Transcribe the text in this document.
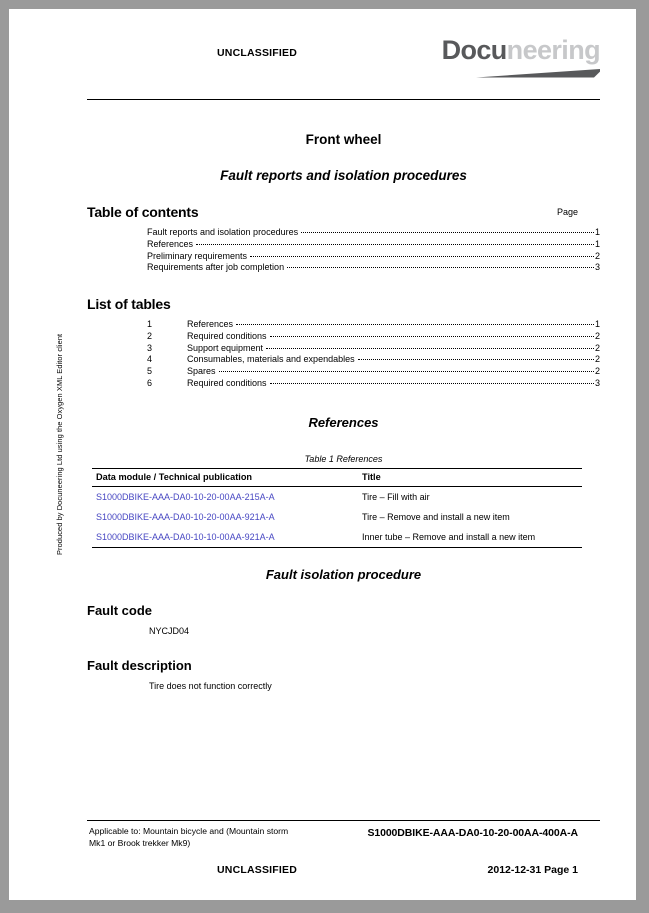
Produced by Docuneering Ltd using the Oxygen XML Editor client
UNCLASSIFIED	Docuneering
Front wheel
Fault reports and isolation procedures
Table of contents	Page
Fault reports and isolation procedures	1
References	1
Preliminary requirements	2
Requirements after job completion	3
List of tables
1	References	1
2	Required conditions	2
3	Support equipment	2
4	Consumables, materials and expendables	2
5	Spares	2
6	Required conditions	3
References
Table 1 References
Data module / Technical publication	Title
S1000DBIKE-AAA-DA0-10-20-00AA-215A-A	Tire – Fill with air
S1000DBIKE-AAA-DA0-10-20-00AA-921A-A	Tire – Remove and install a new item
S1000DBIKE-AAA-DA0-10-10-00AA-921A-A	Inner tube – Remove and install a new item
Fault isolation procedure
Fault code
NYCJD04
Fault description
Tire does not function correctly
Applicable to: Mountain bicycle and (Mountain storm Mk1 or Brook trekker Mk9)
S1000DBIKE-AAA-DA0-10-20-00AA-400A-A
UNCLASSIFIED	2012-12-31 Page 1
